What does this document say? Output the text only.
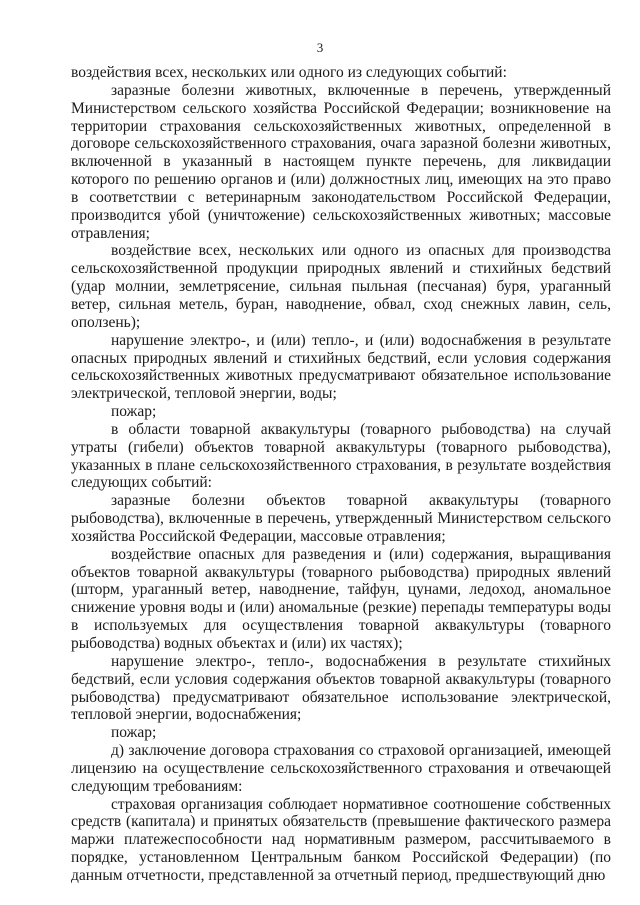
3

воздействия всех, нескольких или одного из следующих событий:

заразные болезни животных, включенные в перечень, утвержденный Министерством сельского хозяйства Российской Федерации; возникновение на территории страхования сельскохозяйственных животных, определенной в договоре сельскохозяйственного страхования, очага заразной болезни животных, включенной в указанный в настоящем пункте перечень, для ликвидации которого по решению органов и (или) должностных лиц, имеющих на это право в соответствии с ветеринарным законодательством Российской Федерации, производится убой (уничтожение) сельскохозяйственных животных; массовые отравления;

воздействие всех, нескольких или одного из опасных для производства сельскохозяйственной продукции природных явлений и стихийных бедствий (удар молнии, землетрясение, сильная пыльная (песчаная) буря, ураганный ветер, сильная метель, буран, наводнение, обвал, сход снежных лавин, сель, оползень);

нарушение электро-, и (или) тепло-, и (или) водоснабжения в результате опасных природных явлений и стихийных бедствий, если условия содержания сельскохозяйственных животных предусматривают обязательное использование электрической, тепловой энергии, воды;

пожар;

в области товарной аквакультуры (товарного рыбоводства) на случай утраты (гибели) объектов товарной аквакультуры (товарного рыбоводства), указанных в плане сельскохозяйственного страхования, в результате воздействия следующих событий:

заразные болезни объектов товарной аквакультуры (товарного рыбоводства), включенные в перечень, утвержденный Министерством сельского хозяйства Российской Федерации, массовые отравления;

воздействие опасных для разведения и (или) содержания, выращивания объектов товарной аквакультуры (товарного рыбоводства) природных явлений (шторм, ураганный ветер, наводнение, тайфун, цунами, ледоход, аномальное снижение уровня воды и (или) аномальные (резкие) перепады температуры воды в используемых для осуществления товарной аквакультуры (товарного рыбоводства) водных объектах и (или) их частях);

нарушение электро-, тепло-, водоснабжения в результате стихийных бедствий, если условия содержания объектов товарной аквакультуры (товарного рыбоводства) предусматривают обязательное использование электрической, тепловой энергии, водоснабжения;

пожар;

д) заключение договора страхования со страховой организацией, имеющей лицензию на осуществление сельскохозяйственного страхования и отвечающей следующим требованиям:

страховая организация соблюдает нормативное соотношение собственных средств (капитала) и принятых обязательств (превышение фактического размера маржи платежеспособности над нормативным размером, рассчитываемого в порядке, установленном Центральным банком Российской Федерации) (по данным отчетности, представленной за отчетный период, предшествующий дню
